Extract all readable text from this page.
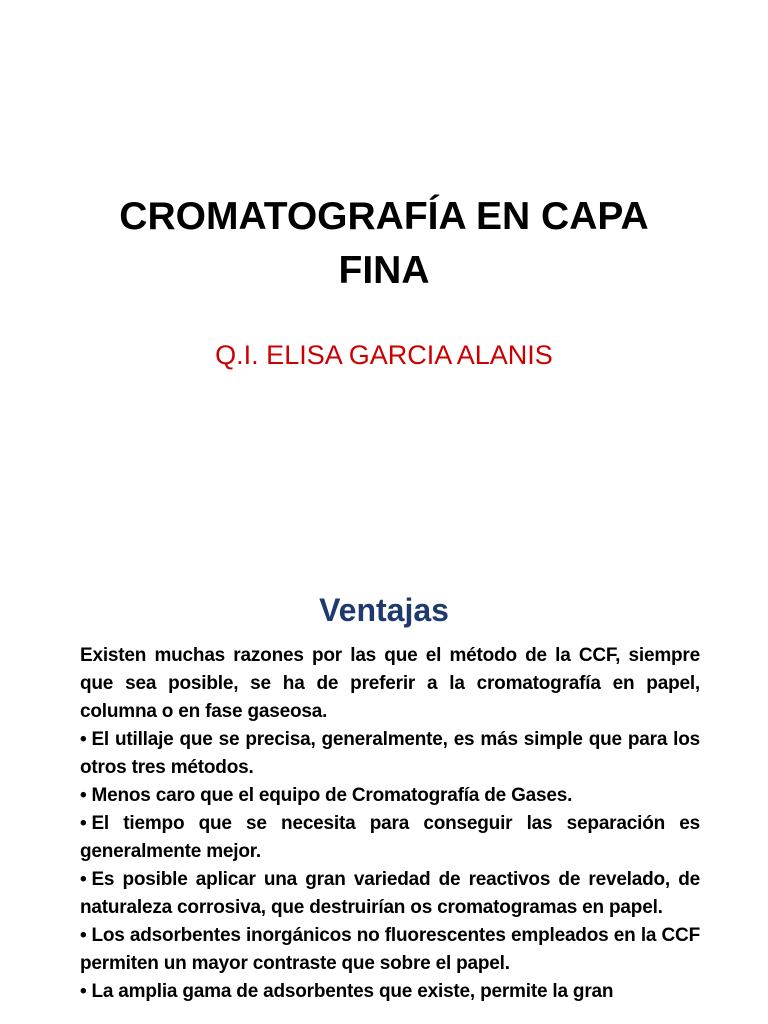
CROMATOGRAFÍA EN CAPA
FINA

Q.I. ELISA GARCIA ALANIS

Ventajas

Existen muchas razones por las que el método de la CCF, siempre que sea posible, se ha de preferir a la cromatografía en papel, columna o en fase gaseosa.

• El utillaje que se precisa, generalmente, es más simple que para los otros tres métodos.

• Menos caro que el equipo de Cromatografía de Gases.

• El tiempo que se necesita para conseguir las separación es generalmente mejor.

• Es posible aplicar una gran variedad de reactivos de revelado, de naturaleza corrosiva, que destruirían os cromatogramas en papel.

• Los adsorbentes inorgánicos no fluorescentes empleados en la CCF permiten un mayor contraste que sobre el papel.

• La amplia gama de adsorbentes que existe, permite la gran
